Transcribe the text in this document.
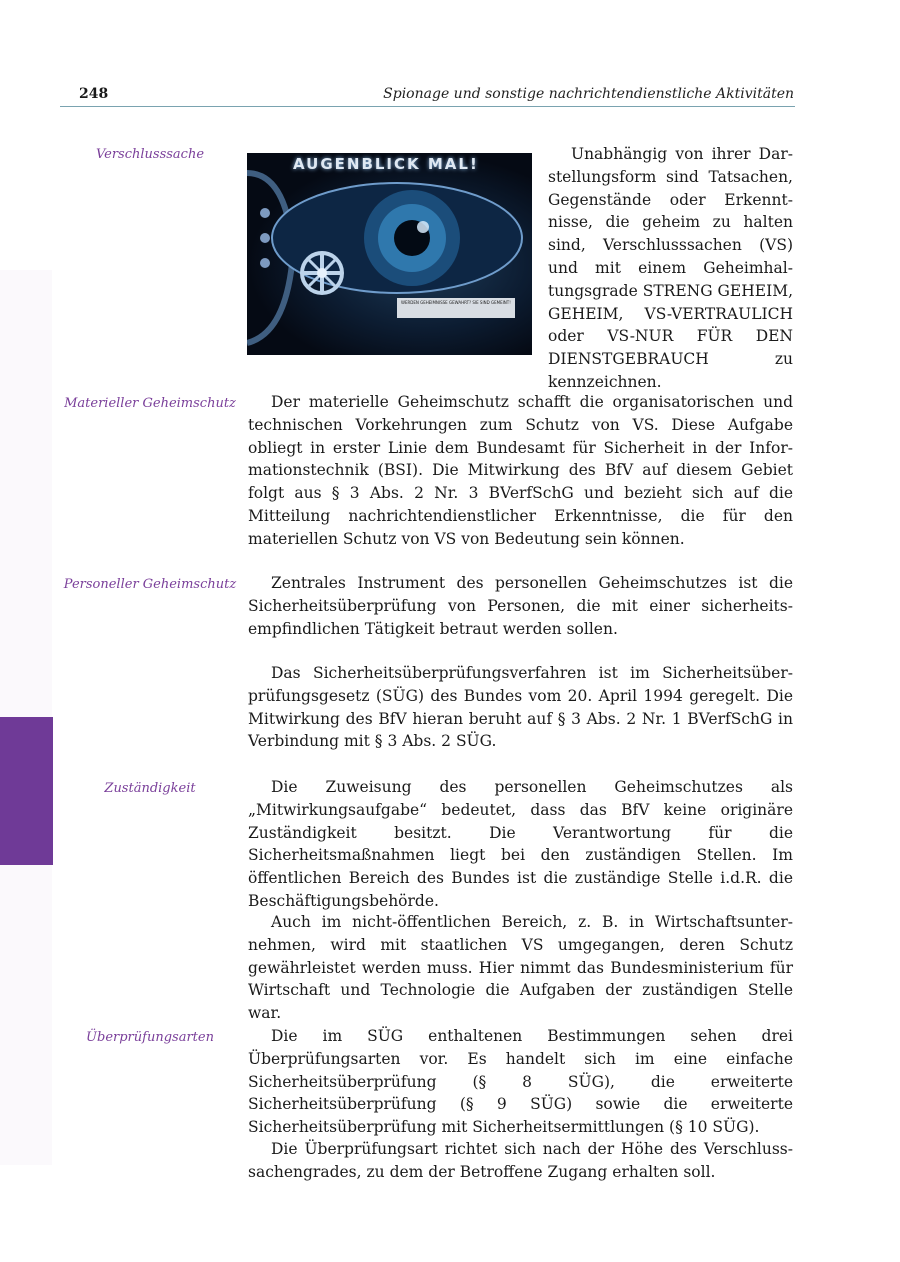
248	Spionage und sonstige nachrichtendienstliche Aktivitäten
Verschlusssache
AUGENBLICK MAL!
WERDEN GEHEIMNISSE GEWAHRT? SIE SIND GEMEINT!
Unabhängig von ihrer Darstellungsform sind Tatsachen, Gegenstände oder Erkenntnisse, die geheim zu halten sind, Verschlusssachen (VS) und mit einem Geheimhaltungsgrade STRENG GEHEIM, GEHEIM, VS-VERTRAULICH oder VS-NUR FÜR DEN DIENSTGEBRAUCH zu kennzeichnen.
Materieller Geheimschutz	Der materielle Geheimschutz schafft die organisatorischen und technischen Vorkehrungen zum Schutz von VS. Diese Aufgabe obliegt in erster Linie dem Bundesamt für Sicherheit in der Informationstechnik (BSI). Die Mitwirkung des BfV auf diesem Gebiet folgt aus § 3 Abs. 2 Nr. 3 BVerfSchG und bezieht sich auf die Mitteilung nachrichtendienstlicher Erkenntnisse, die für den materiellen Schutz von VS von Bedeutung sein können.
Personeller Geheimschutz	Zentrales Instrument des personellen Geheimschutzes ist die Sicherheitsüberprüfung von Personen, die mit einer sicherheitsempfindlichen Tätigkeit betraut werden sollen.
Das Sicherheitsüberprüfungsverfahren ist im Sicherheitsüberprüfungsgesetz (SÜG) des Bundes vom 20. April 1994 geregelt. Die Mitwirkung des BfV hieran beruht auf § 3 Abs. 2 Nr. 1 BVerfSchG in Verbindung mit § 3 Abs. 2 SÜG.
Zuständigkeit	Die Zuweisung des personellen Geheimschutzes als „Mitwirkungsaufgabe“ bedeutet, dass das BfV keine originäre Zuständigkeit besitzt. Die Verantwortung für die Sicherheitsmaßnahmen liegt bei den zuständigen Stellen. Im öffentlichen Bereich des Bundes ist die zuständige Stelle i.d.R. die Beschäftigungsbehörde.
Auch im nicht-öffentlichen Bereich, z. B. in Wirtschaftsunternehmen, wird mit staatlichen VS umgegangen, deren Schutz gewährleistet werden muss. Hier nimmt das Bundesministerium für Wirtschaft und Technologie die Aufgaben der zuständigen Stelle war.
Überprüfungsarten	Die im SÜG enthaltenen Bestimmungen sehen drei Überprüfungsarten vor. Es handelt sich im eine einfache Sicherheitsüberprüfung (§ 8 SÜG), die erweiterte Sicherheitsüberprüfung (§ 9 SÜG) sowie die erweiterte Sicherheitsüberprüfung mit Sicherheitsermittlungen (§ 10 SÜG).
Die Überprüfungsart richtet sich nach der Höhe des Verschlusssachengrades, zu dem der Betroffene Zugang erhalten soll.
